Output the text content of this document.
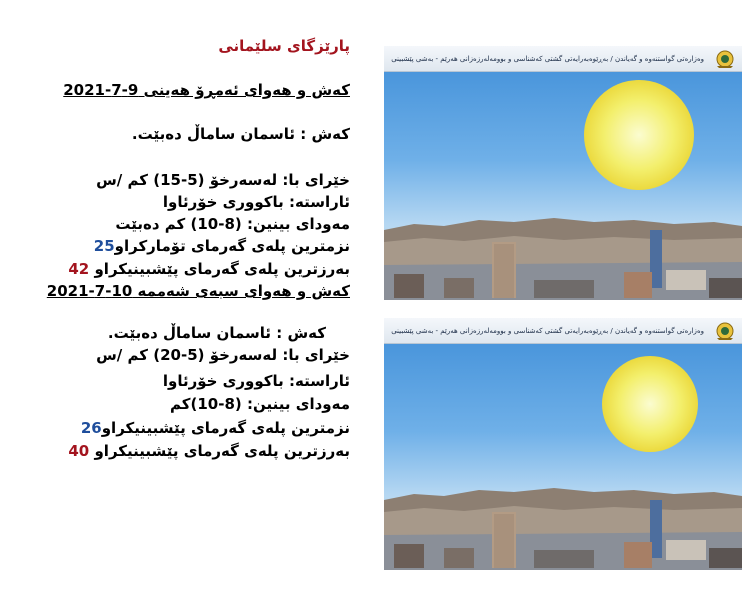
پارێزگای سلێمانی
کەش و هەوای ئەمڕۆ هەینی 9-7-2021
کەش : ئاسمان ساماڵ دەبێت.
خێرای با: لەسەرخۆ (5-15) کم /س
ئاراستە: باکووری خۆرئاوا
مەودای بینین: (8-10) کم دەبێت
نزمترین پلەی گەرمای تۆمارکراو25
بەرزترین پلەی گەرمای پێشبینیکراو 42
کەش و هەوای سبەی شەممە 10-7-2021
کەش : ئاسمان ساماڵ دەبێت.
خێرای با: لەسەرخۆ (5-20) کم /س
ئاراستە: باکووری خۆرئاوا
مەودای بینین: (8-10)کم
نزمترین پلەی گەرمای پێشبینیکراو26
بەرزترین پلەی گەرمای پێشبینیکراو 40
وەزارەتی گواستنەوە و گەیاندن / بەڕێوەبەرایەتی گشتی کەشناسی و بوومەلەرزەزانی هەرێم - بەشی پێشبینی
وەزارەتی گواستنەوە و گەیاندن / بەڕێوەبەرایەتی گشتی کەشناسی و بوومەلەرزەزانی هەرێم - بەشی پێشبینی
